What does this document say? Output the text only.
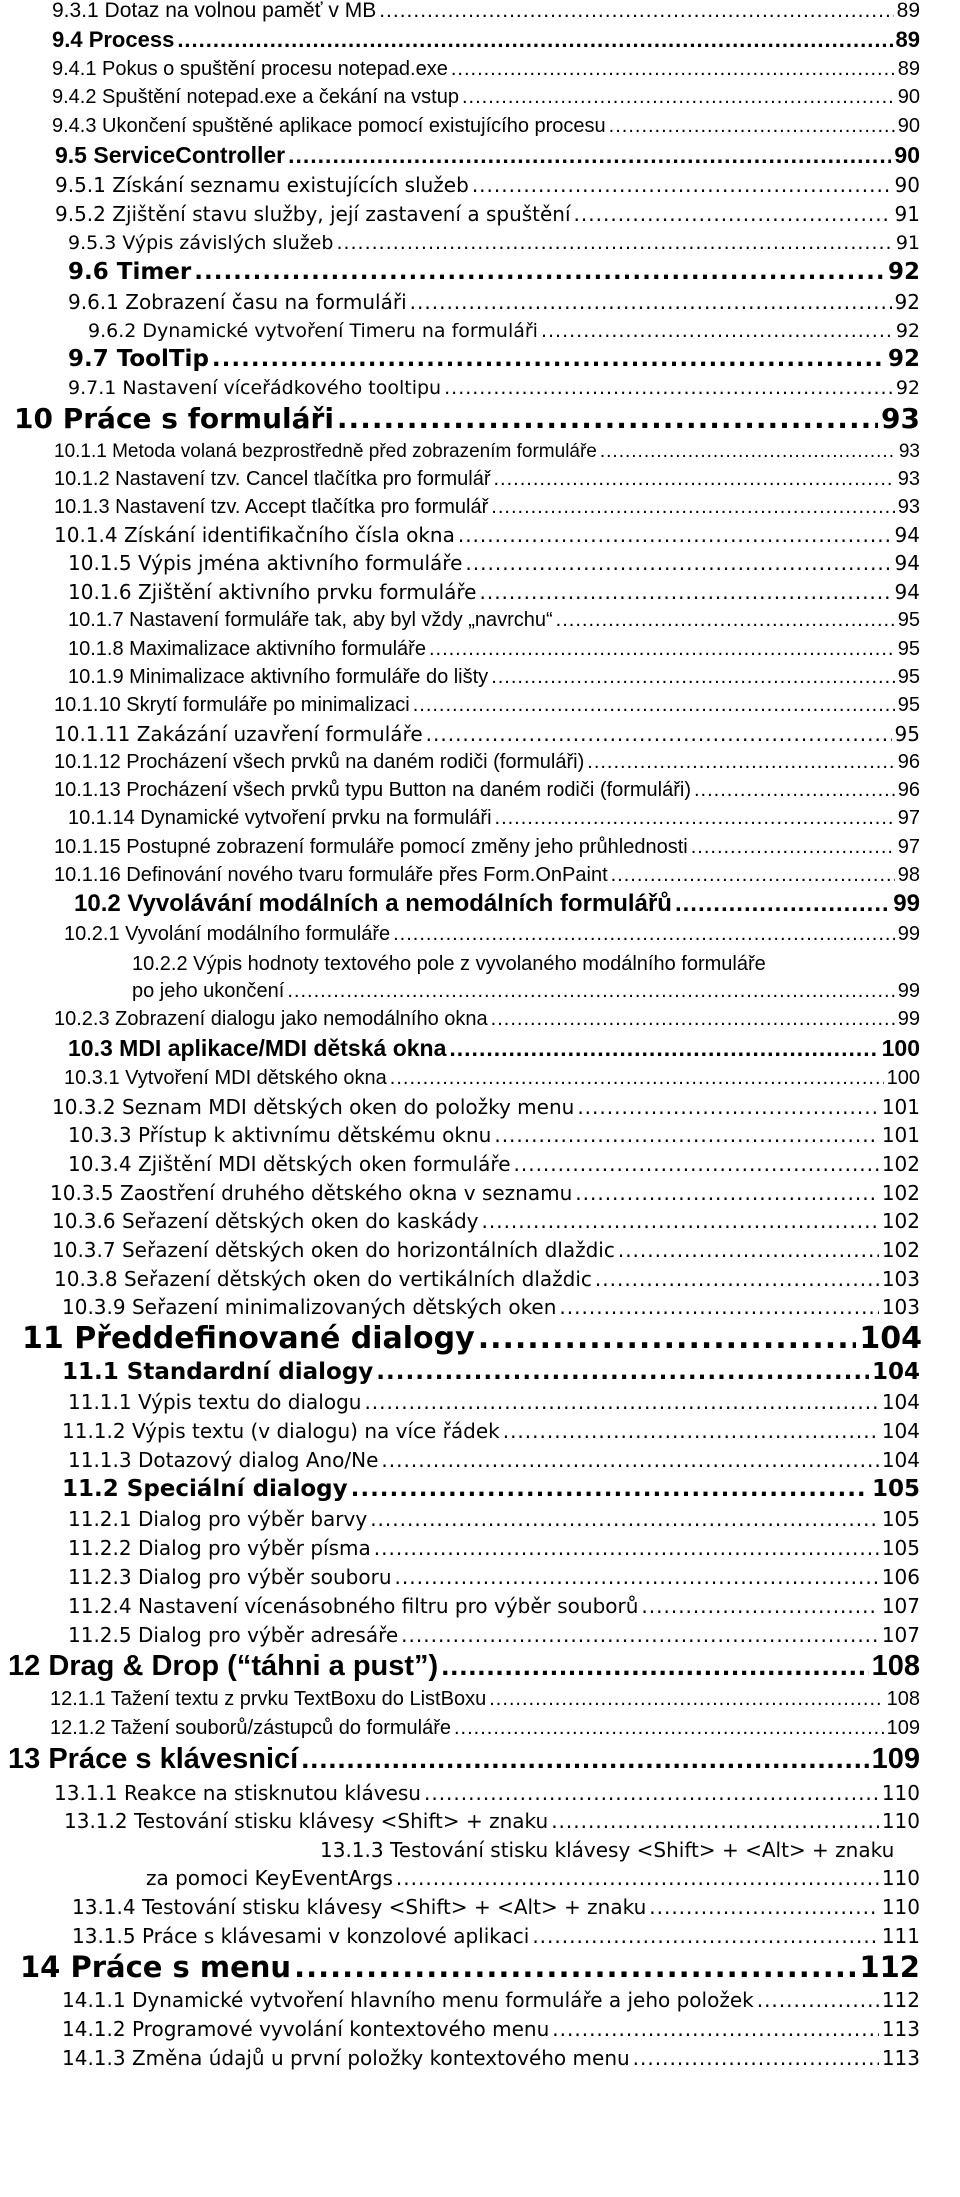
9.3.1 Dotaz na volnou paměť v MB .....	89
9.4 Process .....	89
9.4.1 Pokus o spuštění procesu notepad.exe .....	89
9.4.2 Spuštění notepad.exe a čekání na vstup .....	90
9.4.3 Ukončení spuštěné aplikace pomocí existujícího procesu .....	90
9.5 ServiceController .....	90
9.5.1 Získání seznamu existujících služeb .....	90
9.5.2 Zjištění stavu služby, její zastavení a spuštění .....	91
9.5.3 Výpis závislých služeb .....	91
9.6 Timer .....	92
9.6.1 Zobrazení času na formuláři .....	92
9.6.2 Dynamické vytvoření Timeru na formuláři .....	92
9.7 ToolTip .....	92
9.7.1 Nastavení víceřádkového tooltipu .....	92
10 Práce s formuláři .....	93
10.1.1 Metoda volaná bezprostředně před zobrazením formuláře .....	93
10.1.2 Nastavení tzv. Cancel tlačítka pro formulář .....	93
10.1.3 Nastavení tzv. Accept tlačítka pro formulář .....	93
10.1.4 Získání identifikačního čísla okna .....	94
10.1.5 Výpis jména aktivního formuláře .....	94
10.1.6 Zjištění aktivního prvku formuláře .....	94
10.1.7 Nastavení formuláře tak, aby byl vždy „navrchu“ .....	95
10.1.8 Maximalizace aktivního formuláře .....	95
10.1.9 Minimalizace aktivního formuláře do lišty .....	95
10.1.10 Skrytí formuláře po minimalizaci .....	95
10.1.11 Zakázání uzavření formuláře .....	95
10.1.12 Procházení všech prvků na daném rodiči (formuláři) .....	96
10.1.13 Procházení všech prvků typu Button na daném rodiči (formuláři) .....	96
10.1.14 Dynamické vytvoření prvku na formuláři .....	97
10.1.15 Postupné zobrazení formuláře pomocí změny jeho průhlednosti .....	97
10.1.16 Definování nového tvaru formuláře přes Form.OnPaint .....	98
10.2 Vyvolávání modálních a nemodálních formulářů .....	99
10.2.1 Vyvolání modálního formuláře .....	99
10.2.2 Výpis hodnoty textového pole z vyvolaného modálního formuláře
po jeho ukončení .....	99
10.2.3 Zobrazení dialogu jako nemodálního okna .....	99
10.3 MDI aplikace/MDI dětská okna .....	100
10.3.1 Vytvoření MDI dětského okna .....	100
10.3.2 Seznam MDI dětských oken do položky menu .....	101
10.3.3 Přístup k aktivnímu dětskému oknu .....	101
10.3.4 Zjištění MDI dětských oken formuláře .....	102
10.3.5 Zaostření druhého dětského okna v seznamu .....	102
10.3.6 Seřazení dětských oken do kaskády .....	102
10.3.7 Seřazení dětských oken do horizontálních dlaždic .....	102
10.3.8 Seřazení dětských oken do vertikálních dlaždic .....	103
10.3.9 Seřazení minimalizovaných dětských oken .....	103
11 Předdefinované dialogy .....	104
11.1 Standardní dialogy .....	104
11.1.1 Výpis textu do dialogu .....	104
11.1.2 Výpis textu (v dialogu) na více řádek .....	104
11.1.3 Dotazový dialog Ano/Ne .....	104
11.2 Speciální dialogy .....	105
11.2.1 Dialog pro výběr barvy .....	105
11.2.2 Dialog pro výběr písma .....	105
11.2.3 Dialog pro výběr souboru .....	106
11.2.4 Nastavení vícenásobného filtru pro výběr souborů .....	107
11.2.5 Dialog pro výběr adresáře .....	107
12 Drag & Drop (“táhni a pust”) .....	108
12.1.1 Tažení textu z prvku TextBoxu do ListBoxu .....	108
12.1.2 Tažení souborů/zástupců do formuláře .....	109
13 Práce s klávesnicí .....	109
13.1.1 Reakce na stisknutou klávesu .....	110
13.1.2 Testování stisku klávesy <Shift> + znaku .....	110
13.1.3 Testování stisku klávesy <Shift> + <Alt> + znaku
za pomoci KeyEventArgs .....	110
13.1.4 Testování stisku klávesy <Shift> + <Alt> + znaku .....	110
13.1.5 Práce s klávesami v konzolové aplikaci .....	111
14 Práce s menu .....	112
14.1.1 Dynamické vytvoření hlavního menu formuláře a jeho položek .....	112
14.1.2 Programové vyvolání kontextového menu .....	113
14.1.3 Změna údajů u první položky kontextového menu .....	113
